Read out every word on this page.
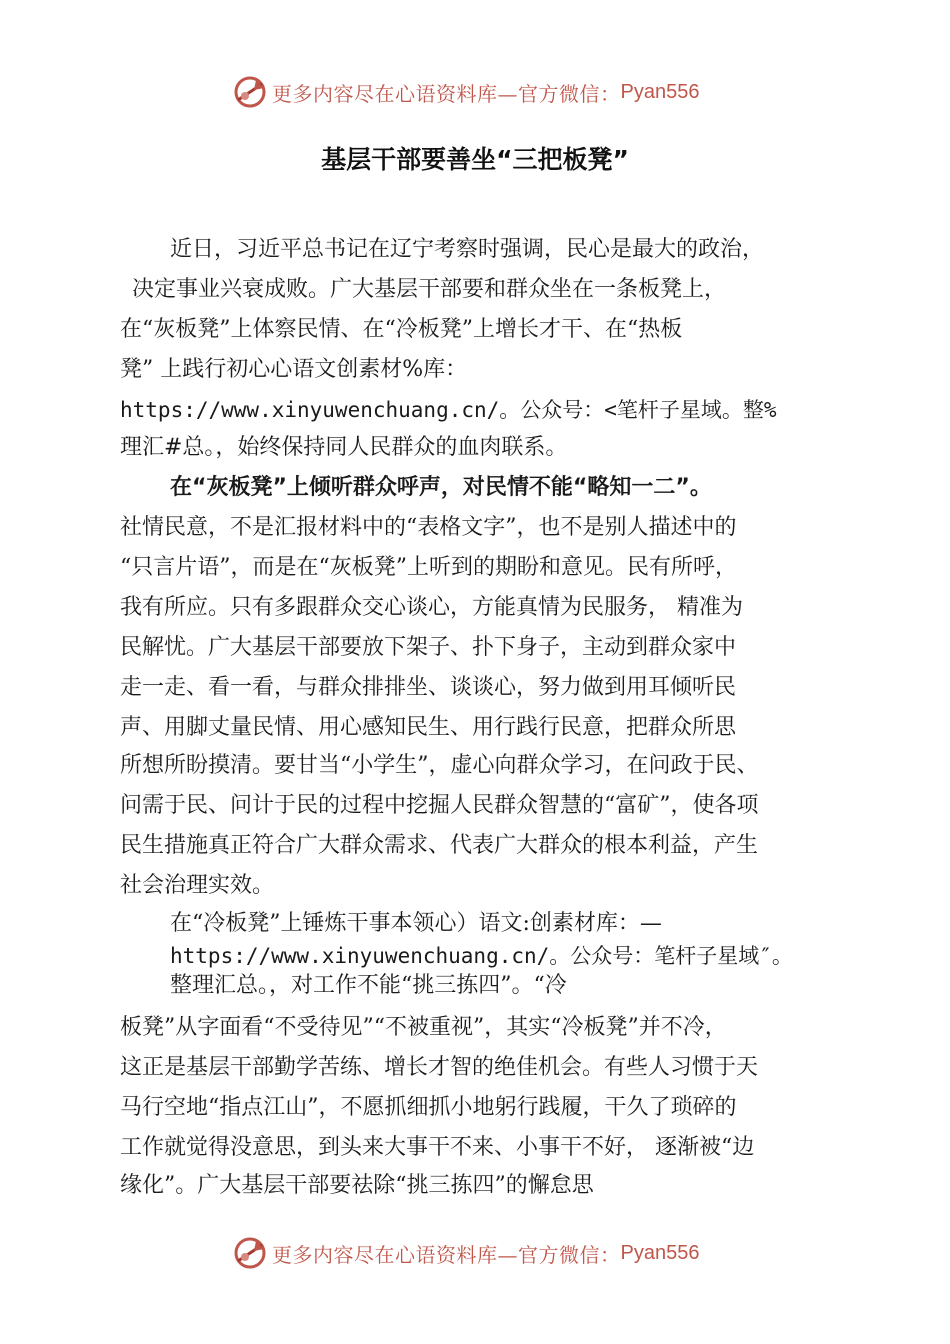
更多内容尽在心语资料库—官方微信： Pyan556
基层干部要善坐“三把板凳”
近日，习近平总书记在辽宁考察时强调，民心是最大的政治，
决定事业兴衰成败。广大基层干部要和群众坐在一条板凳上，
在“灰板凳”上体察民情、在“冷板凳”上增长才干、在“热板
凳” 上践行初心心语文创素材%库：
https://www.xinyuwenchuang.cn/。公众号：<笔杆子星域。整%
理汇#总。，始终保持同人民群众的血肉联系。
在“灰板凳”上倾听群众呼声，对民情不能“略知一二”。
社情民意，不是汇报材料中的“表格文字”，也不是别人描述中的
“只言片语”，而是在“灰板凳”上听到的期盼和意见。民有所呼，
我有所应。只有多跟群众交心谈心，方能真情为民服务， 精准为
民解忧。广大基层干部要放下架子、扑下身子，主动到群众家中
走一走、看一看，与群众排排坐、谈谈心，努力做到用耳倾听民
声、用脚丈量民情、用心感知民生、用行践行民意，把群众所思
所想所盼摸清。要甘当“小学生”，虚心向群众学习，在问政于民、
问需于民、问计于民的过程中挖掘人民群众智慧的“富矿”，使各项
民生措施真正符合广大群众需求、代表广大群众的根本利益，产生
社会治理实效。
在“冷板凳”上锤炼干事本领心）语文:创素材库：—
https://www.xinyuwenchuang.cn/。公众号：笔杆子星域″。
整理汇总。，对工作不能“挑三拣四”。“冷
板凳”从字面看“不受待见”“不被重视”，其实“冷板凳”并不冷，
这正是基层干部勤学苦练、增长才智的绝佳机会。有些人习惯于天
马行空地“指点江山”，不愿抓细抓小地躬行践履，干久了琐碎的
工作就觉得没意思，到头来大事干不来、小事干不好， 逐渐被“边
缘化”。广大基层干部要祛除“挑三拣四”的懈怠思
更多内容尽在心语资料库—官方微信： Pyan556
